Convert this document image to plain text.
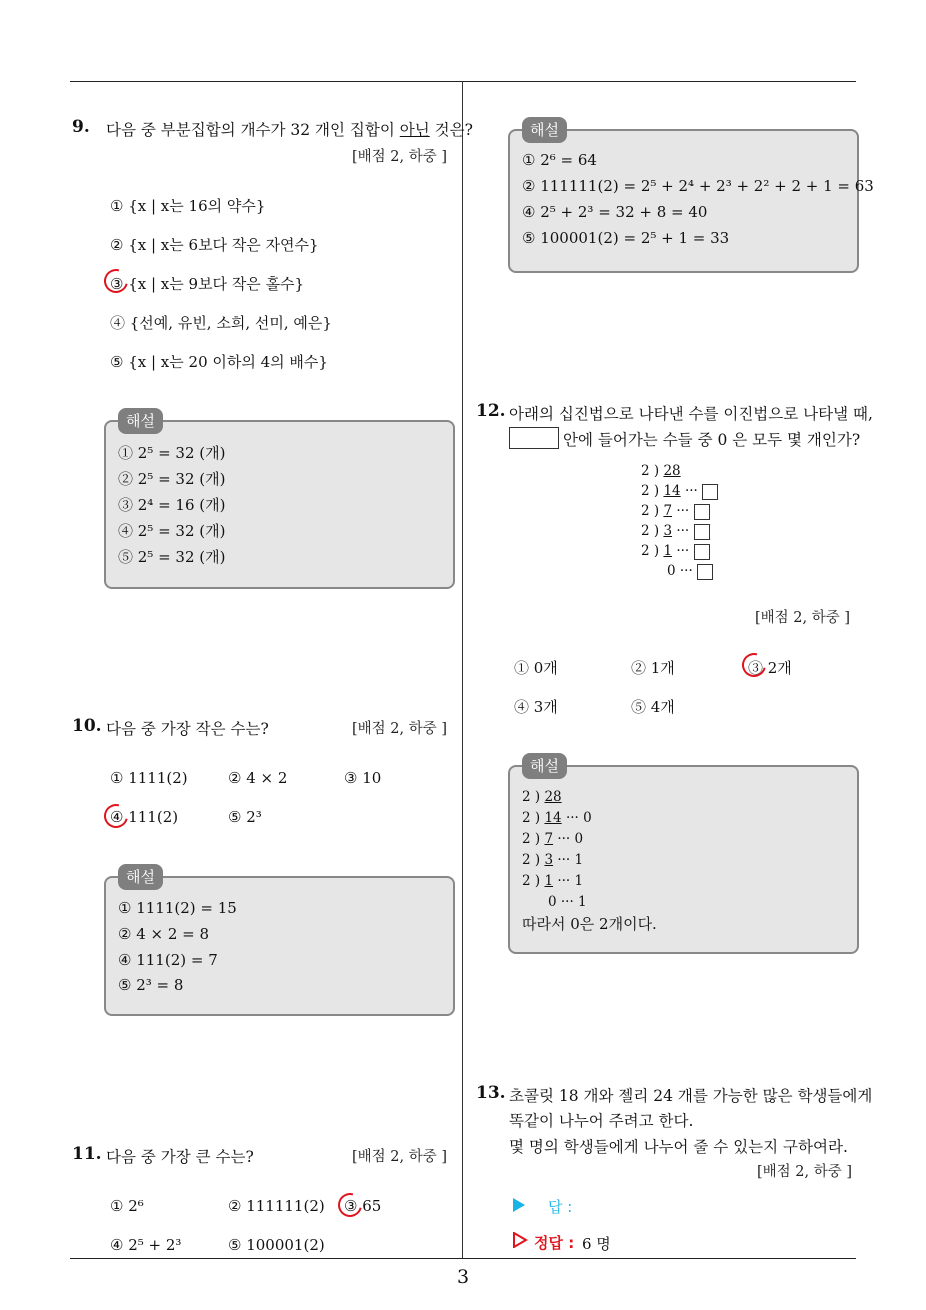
3
9. 다음 중 부분집합의 개수가 32 개인 집합이 아닌 것은?
[배점 2, 하중 ]
① {x | x는 16의 약수}
② {x | x는 6보다 작은 자연수}
③ {x | x는 9보다 작은 홀수}
④ {선예, 유빈, 소희, 선미, 예은}
⑤ {x | x는 20 이하의 4의 배수}
해설
① 2⁵ = 32 (개)
② 2⁵ = 32 (개)
③ 2⁴ = 16 (개)
④ 2⁵ = 32 (개)
⑤ 2⁵ = 32 (개)
10. 다음 중 가장 작은 수는?	[배점 2, 하중 ]
① 1111(2)	② 4 × 2	③ 10
④ 111(2)	⑤ 2³
해설
① 1111(2) = 15
② 4 × 2 = 8
④ 111(2) = 7
⑤ 2³ = 8
11. 다음 중 가장 큰 수는?	[배점 2, 하중 ]
① 2⁶	② 111111(2) ③ 65
④ 2⁵ + 2³	⑤ 100001(2)
해설
① 2⁶ = 64
② 111111(2) = 2⁵ + 2⁴ + 2³ + 2² + 2 + 1 = 63
④ 2⁵ + 2³ = 32 + 8 = 40
⑤ 100001(2) = 2⁵ + 1 = 33
12. 아래의 십진법으로 나타낸 수를 이진법으로 나타낼 때,
안에 들어가는 수들 중 0 은 모두 몇 개인가?
2 ) 28
2 ) 14 ···
2 ) 7 ···
2 ) 3 ···
2 ) 1 ···
0 ···
[배점 2, 하중 ]
① 0개	② 1개	③ 2개
④ 3개	⑤ 4개
해설
2 ) 28
2 ) 14 ··· 0
2 ) 7 ··· 0
2 ) 3 ··· 1
2 ) 1 ··· 1
0 ··· 1
따라서 0은 2개이다.
13. 초콜릿 18 개와 젤리 24 개를 가능한 많은 학생들에게
똑같이 나누어 주려고 한다.
몇 명의 학생들에게 나누어 줄 수 있는지 구하여라.
[배점 2, 하중 ]
답 :
정답 : 6 명
